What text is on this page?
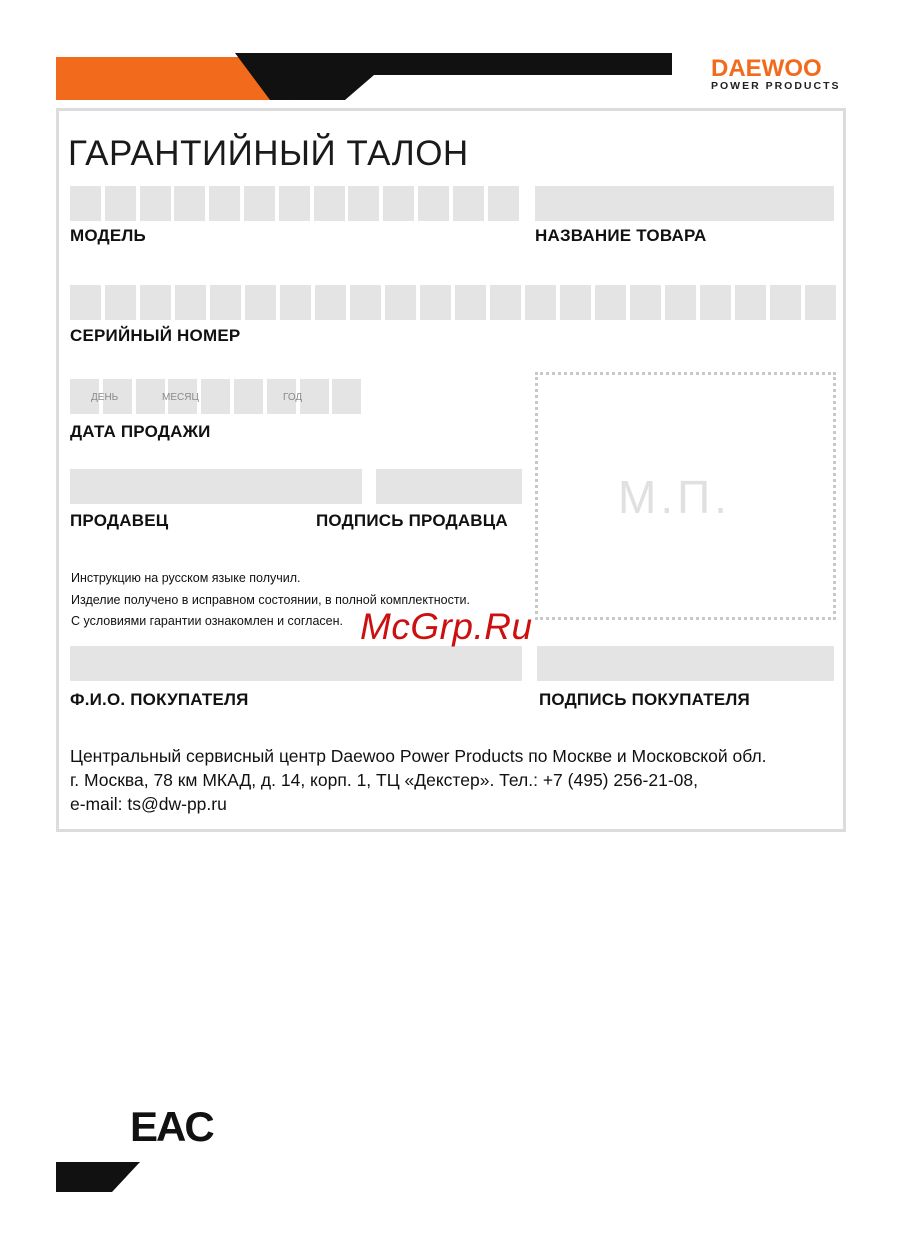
DAEWOO
POWER PRODUCTS
ГАРАНТИЙНЫЙ ТАЛОН
МОДЕЛЬ	НАЗВАНИЕ ТОВАРА
СЕРИЙНЫЙ НОМЕР
ДЕНЬ	МЕСЯЦ	ГОД
ДАТА ПРОДАЖИ
ПРОДАВЕЦ	ПОДПИСЬ ПРОДАВЦА М.П.
Инструкцию на русском языке получил.
Изделие получено в исправном состоянии, в полной комплектности.
С условиями гарантии ознакомлен и согласен.
Ф.И.О. ПОКУПАТЕЛЯ	ПОДПИСЬ ПОКУПАТЕЛЯ
Центральный сервисный центр Daewoo Power Products по Москве и Московской обл.
г. Москва, 78 км МКАД, д. 14, корп. 1, ТЦ «Декстер». Тел.: +7 (495) 256-21-08,
e-mail: ts@dw-pp.ru
McGrp.Ru
EAC
